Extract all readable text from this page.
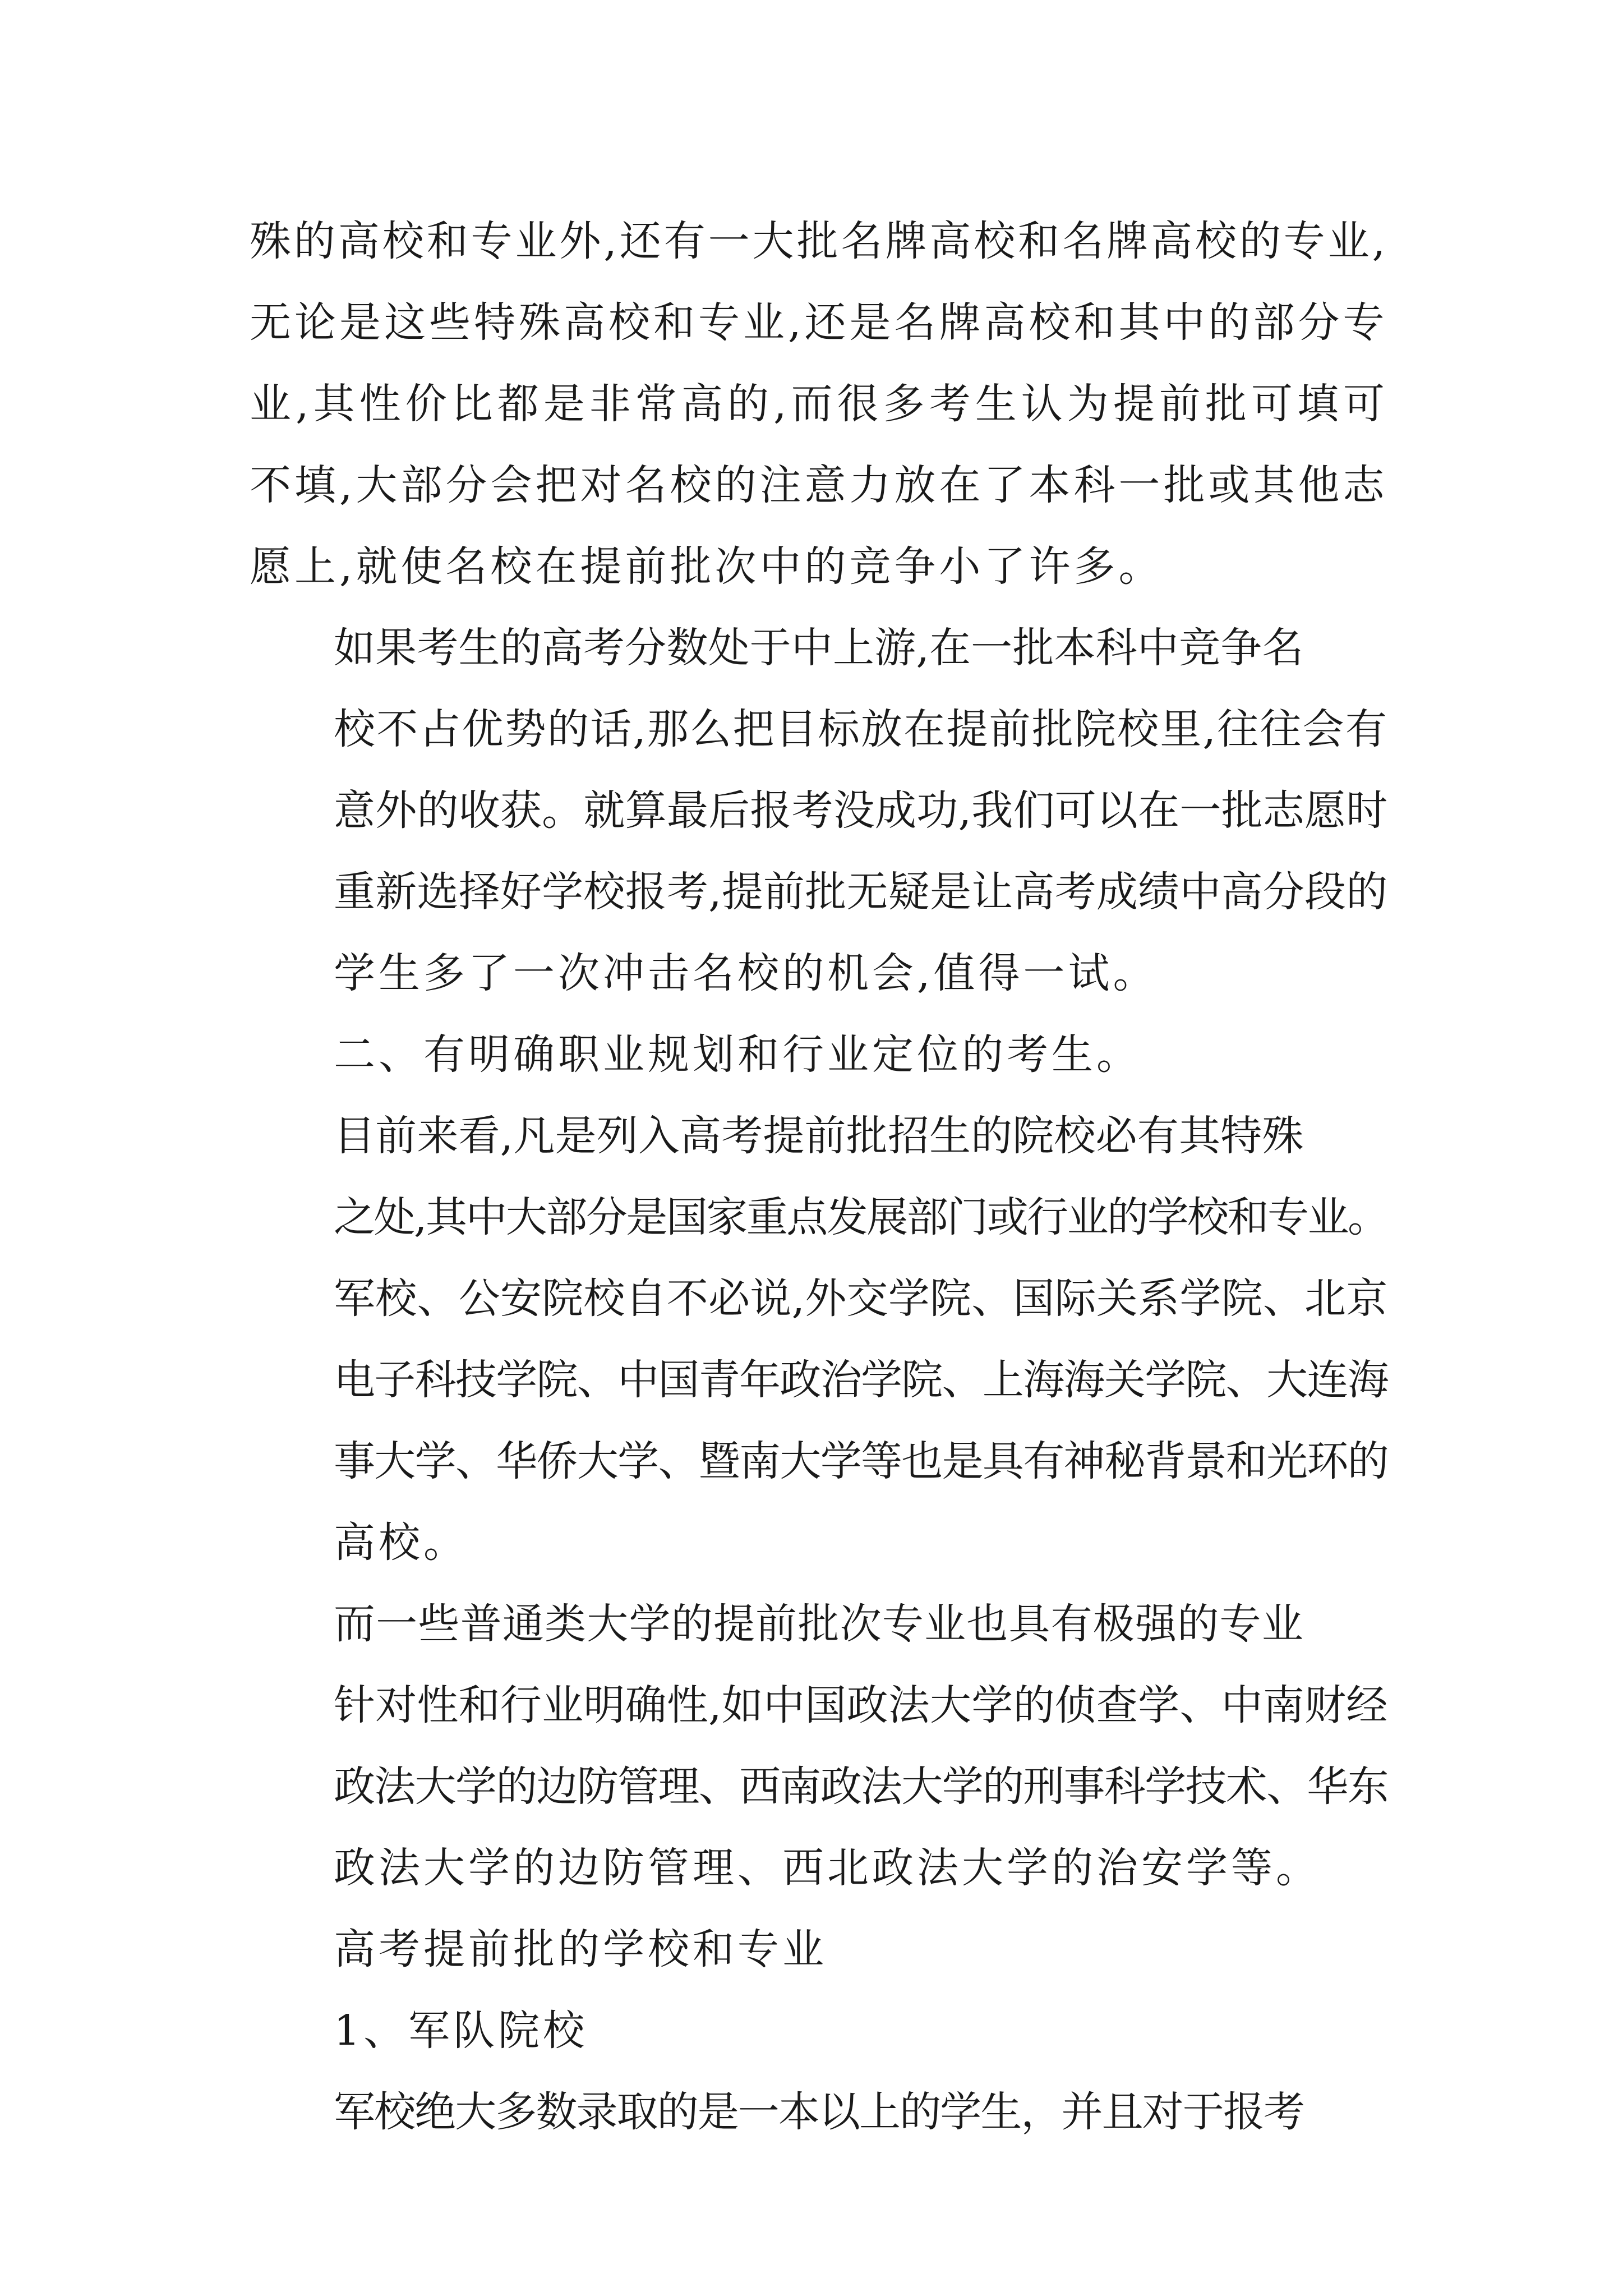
殊的高校和专业外,还有一大批名牌高校和名牌高校的专业,
无论是这些特殊高校和专业,还是名牌高校和其中的部分专
业,其性价比都是非常高的,而很多考生认为提前批可填可
不填,大部分会把对名校的注意力放在了本科一批或其他志
愿上,就使名校在提前批次中的竞争小了许多。
如果考生的高考分数处于中上游,在一批本科中竞争名
校不占优势的话,那么把目标放在提前批院校里,往往会有
意外的收获。就算最后报考没成功,我们可以在一批志愿时
重新选择好学校报考,提前批无疑是让高考成绩中高分段的
学生多了一次冲击名校的机会,值得一试。
二、有明确职业规划和行业定位的考生。
目前来看,凡是列入高考提前批招生的院校必有其特殊
之处,其中大部分是国家重点发展部门或行业的学校和专业。
军校、公安院校自不必说,外交学院、国际关系学院、北京
电子科技学院、中国青年政治学院、上海海关学院、大连海
事大学、华侨大学、暨南大学等也是具有神秘背景和光环的
高校。
而一些普通类大学的提前批次专业也具有极强的专业
针对性和行业明确性,如中国政法大学的侦查学、中南财经
政法大学的边防管理、西南政法大学的刑事科学技术、华东
政法大学的边防管理、西北政法大学的治安学等。
高考提前批的学校和专业
1、军队院校
军校绝大多数录取的是一本以上的学生，并且对于报考
